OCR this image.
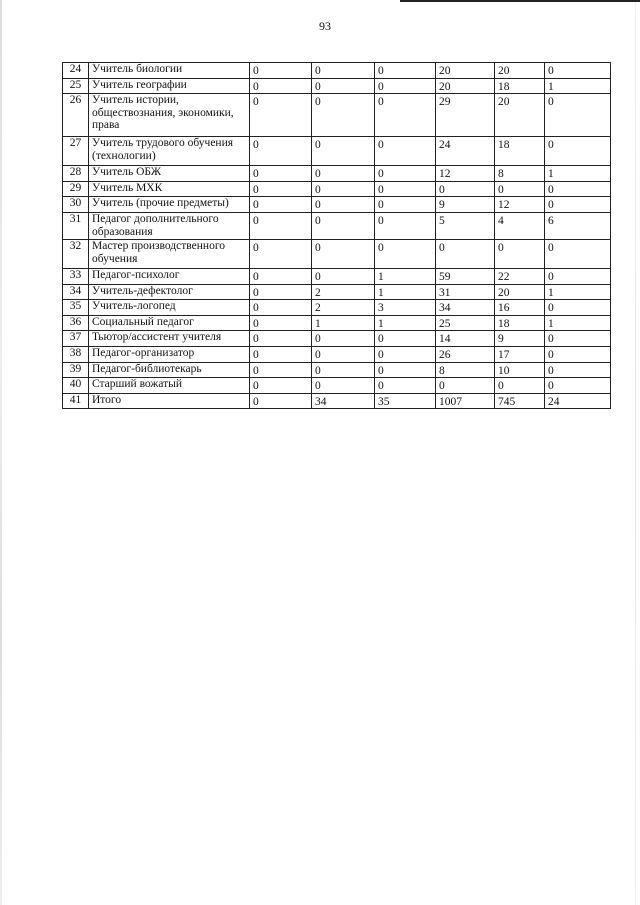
93
24	Учитель биологии	0	0	0	20	20	0
25	Учитель географии	0	0	0	20	18	1
26	Учитель истории, обществознания, экономики, права	0	0	0	29	20	0
27	Учитель трудового обучения (технологии)	0	0	0	24	18	0
28	Учитель ОБЖ	0	0	0	12	8	1
29	Учитель МХК	0	0	0	0	0	0
30	Учитель (прочие предметы)	0	0	0	9	12	0
31	Педагог дополнительного образования	0	0	0	5	4	6
32	Мастер производственного обучения	0	0	0	0	0	0
33	Педагог-психолог	0	0	1	59	22	0
34	Учитель-дефектолог	0	2	1	31	20	1
35	Учитель-логопед	0	2	3	34	16	0
36	Социальный педагог	0	1	1	25	18	1
37	Тьютор/ассистент учителя	0	0	0	14	9	0
38	Педагог-организатор	0	0	0	26	17	0
39	Педагог-библиотекарь	0	0	0	8	10	0
40	Старший вожатый	0	0	0	0	0	0
41	Итого	0	34	35	1007	745	24
